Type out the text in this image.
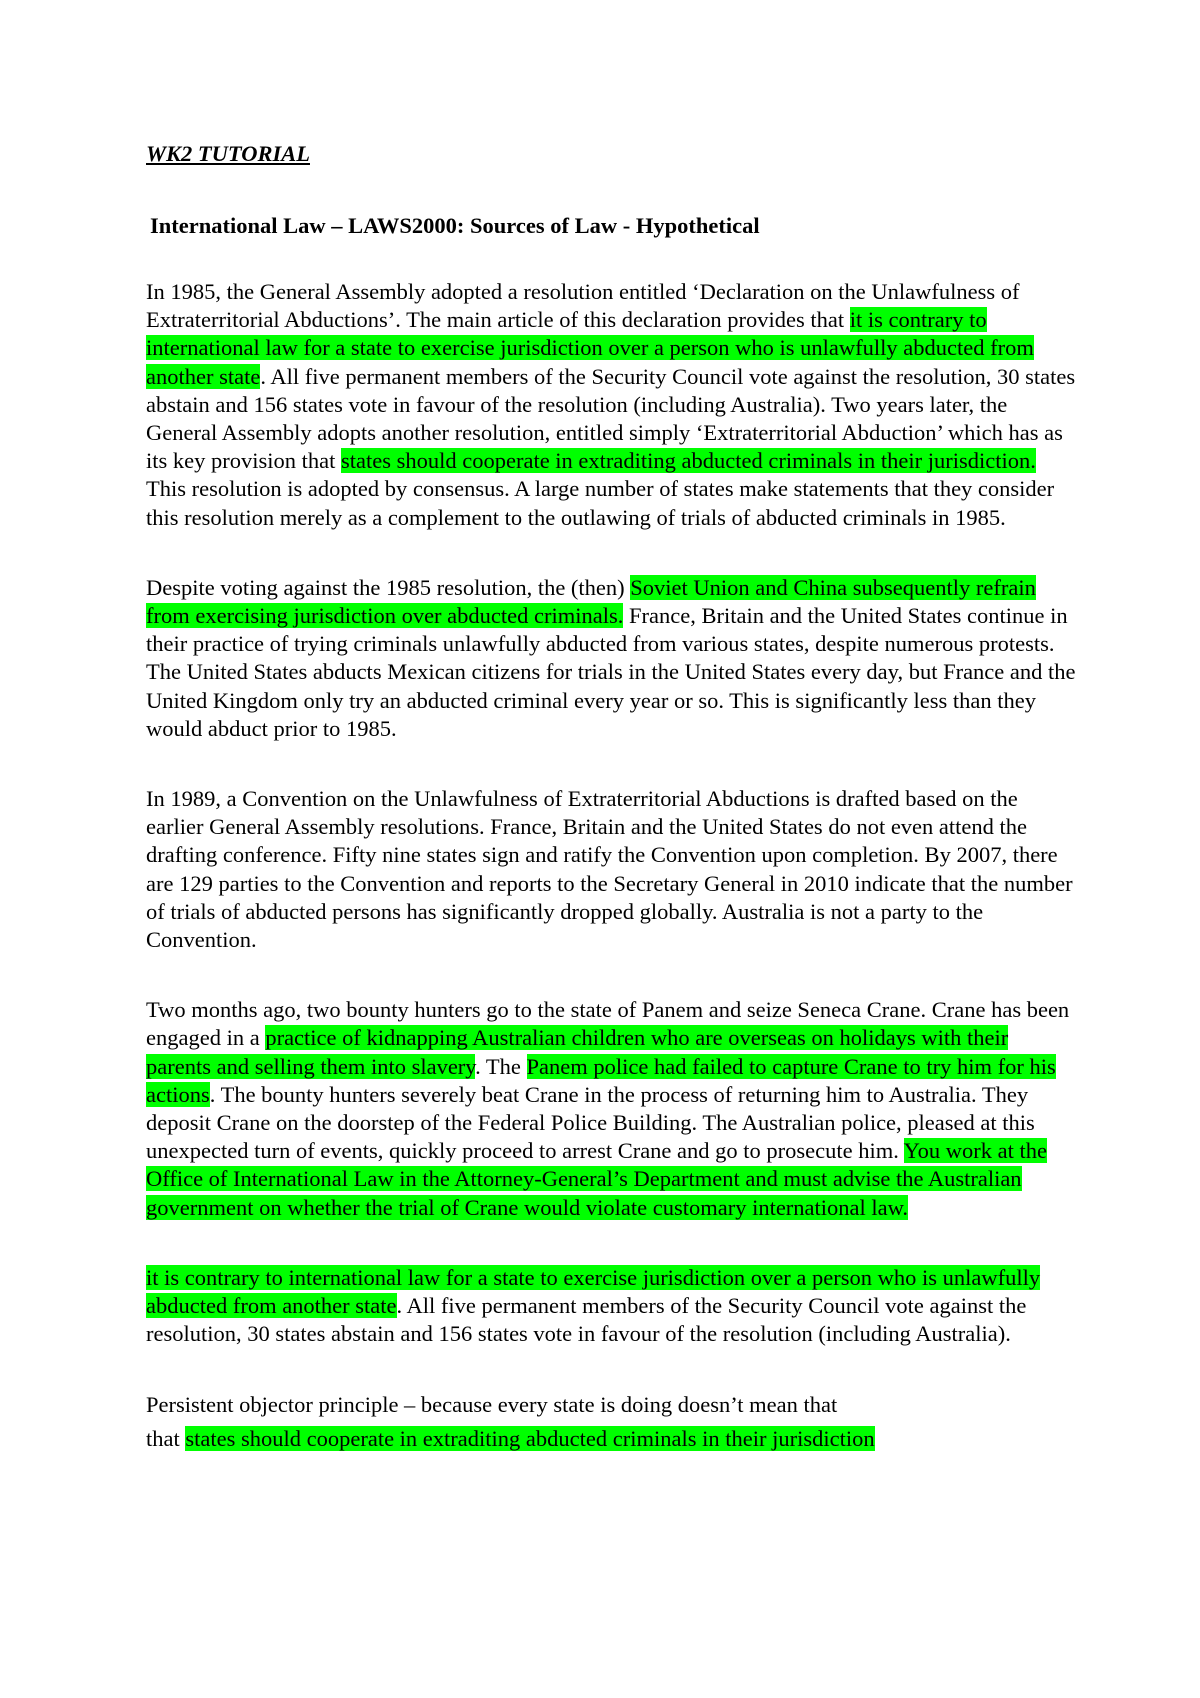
WK2 TUTORIAL

International Law – LAWS2000: Sources of Law - Hypothetical

In 1985, the General Assembly adopted a resolution entitled ‘Declaration on the Unlawfulness of Extraterritorial Abductions’. The main article of this declaration provides that it is contrary to international law for a state to exercise jurisdiction over a person who is unlawfully abducted from another state. All five permanent members of the Security Council vote against the resolution, 30 states abstain and 156 states vote in favour of the resolution (including Australia). Two years later, the General Assembly adopts another resolution, entitled simply ‘Extraterritorial Abduction’ which has as its key provision that states should cooperate in extraditing abducted criminals in their jurisdiction. This resolution is adopted by consensus. A large number of states make statements that they consider this resolution merely as a complement to the outlawing of trials of abducted criminals in 1985.

Despite voting against the 1985 resolution, the (then) Soviet Union and China subsequently refrain from exercising jurisdiction over abducted criminals. France, Britain and the United States continue in their practice of trying criminals unlawfully abducted from various states, despite numerous protests. The United States abducts Mexican citizens for trials in the United States every day, but France and the United Kingdom only try an abducted criminal every year or so. This is significantly less than they would abduct prior to 1985.

In 1989, a Convention on the Unlawfulness of Extraterritorial Abductions is drafted based on the earlier General Assembly resolutions. France, Britain and the United States do not even attend the drafting conference. Fifty nine states sign and ratify the Convention upon completion. By 2007, there are 129 parties to the Convention and reports to the Secretary General in 2010 indicate that the number of trials of abducted persons has significantly dropped globally. Australia is not a party to the Convention.

Two months ago, two bounty hunters go to the state of Panem and seize Seneca Crane. Crane has been engaged in a practice of kidnapping Australian children who are overseas on holidays with their parents and selling them into slavery. The Panem police had failed to capture Crane to try him for his actions. The bounty hunters severely beat Crane in the process of returning him to Australia. They deposit Crane on the doorstep of the Federal Police Building. The Australian police, pleased at this unexpected turn of events, quickly proceed to arrest Crane and go to prosecute him. You work at the Office of International Law in the Attorney-General’s Department and must advise the Australian government on whether the trial of Crane would violate customary international law.

it is contrary to international law for a state to exercise jurisdiction over a person who is unlawfully abducted from another state. All five permanent members of the Security Council vote against the resolution, 30 states abstain and 156 states vote in favour of the resolution (including Australia).

Persistent objector principle – because every state is doing doesn’t mean that

that states should cooperate in extraditing abducted criminals in their jurisdiction
